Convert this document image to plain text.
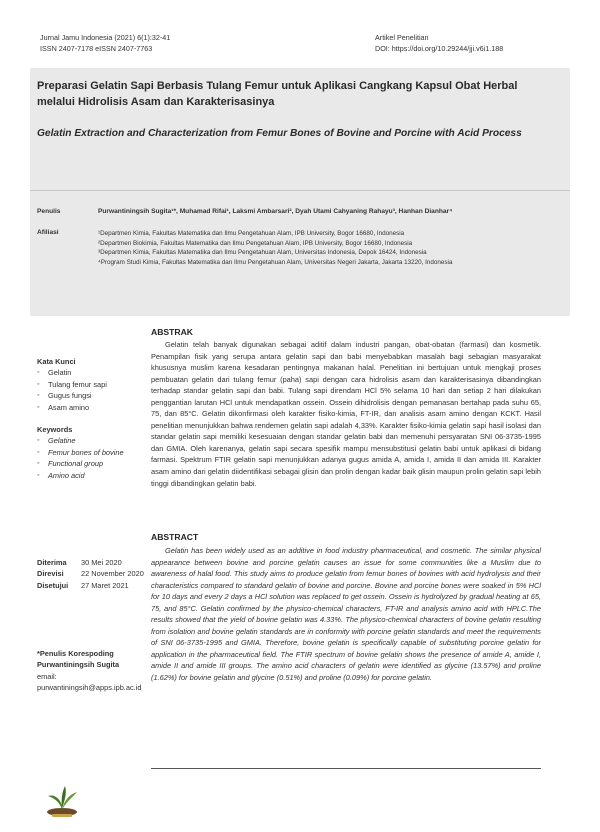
Jurnal Jamu Indonesia (2021) 6(1):32-41
ISSN 2407-7178 eISSN 2407-7763
Artikel Penelitian
DOI: https://doi.org/10.29244/jji.v6i1.188
Preparasi Gelatin Sapi Berbasis Tulang Femur untuk Aplikasi Cangkang Kapsul Obat Herbal melalui Hidrolisis Asam dan Karakterisasinya
Gelatin Extraction and Characterization from Femur Bones of Bovine and Porcine with Acid Process
Penulis	Purwantiningsih Sugita¹*, Muhamad Rifai¹, Laksmi Ambarsari², Dyah Utami Cahyaning Rahayu³, Hanhan Dianhar⁴
Afiliasi	¹Departmen Kimia, Fakultas Matematika dan Ilmu Pengetahuan Alam, IPB University, Bogor 16680, Indonesia
²Departmen Biokimia, Fakultas Matematika dan Ilmu Pengetahuan Alam, IPB University, Bogor 16680, Indonesia
³Departmen Kimia, Fakultas Matematika dan Ilmu Pengetahuan Alam, Universitas Indonesia, Depok 16424, Indonesia
⁴Program Studi Kimia, Fakultas Matematika dan Ilmu Pengetahuan Alam, Universitas Negeri Jakarta, Jakarta 13220, Indonesia
Kata Kunci
◦ Gelatin
◦ Tulang femur sapi
◦ Gugus fungsi
◦ Asam amino
Keywords
◦ Gelatine
◦ Femur bones of bovine
◦ Functional group
◦ Amino acid
Diterima	30 Mei 2020
Direvisi	22 November 2020
Disetujui	27 Maret 2021
*Penulis Korespoding
Purwantiningsih Sugita
email:
purwantiningsih@apps.ipb.ac.id
ABSTRAK

Gelatin telah banyak digunakan sebagai aditif dalam industri pangan, obat-obatan (farmasi) dan kosmetik. Penampilan fisik yang serupa antara gelatin sapi dan babi menyebabkan masalah bagi sebagian masyarakat khususnya muslim karena kesadaran pentingnya makanan halal. Penelitian ini bertujuan untuk mengkaji proses pembuatan gelatin dari tulang femur (paha) sapi dengan cara hidrolisis asam dan karakterisasinya dibandingkan terhadap standar gelatin sapi dan babi. Tulang sapi direndam HCl 5% selama 10 hari dan setiap 2 hari dilakukan penggantian larutan HCl untuk mendapatkan ossein. Ossein dihidrolisis dengan pemanasan bertahap pada suhu 65, 75, dan 85°C. Gelatin dikonfirmasi oleh karakter fisiko-kimia, FT-IR, dan analisis asam amino dengan KCKT. Hasil penelitian menunjukkan bahwa rendemen gelatin sapi adalah 4,33%. Karakter fisiko-kimia gelatin sapi hasil isolasi dan standar gelatin sapi memiliki kesesuaian dengan standar gelatin babi dan memenuhi persyaratan SNI 06-3735-1995 dan GMIA. Oleh karenanya, gelatin sapi secara spesifik mampu mensubstitusi gelatin babi untuk aplikasi di bidang farmasi. Spektrum FTIR gelatin sapi menunjukkan adanya gugus amida A, amida I, amida II dan amida III. Karakter asam amino dari gelatin diidentifikasi sebagai glisin dan prolin dengan kadar baik glisin maupun prolin gelatin sapi lebih tinggi dibandingkan gelatin babi.

ABSTRACT

Gelatin has been widely used as an additive in food industry pharmaceutical, and cosmetic. The similar physical appearance between bovine and porcine gelatin causes an issue for some communities like a Muslim due to awareness of halal food. This study aims to produce gelatin from femur bones of bovines with acid hydrolysis and their characteristics compared to standard gelatin of bovine and porcine. Bovine and porcine bones were soaked in 5% HCl for 10 days and every 2 days a HCl solution was replaced to get ossein. Ossein is hydrolyzed by gradual heating at 65, 75, and 85°C. Gelatin confirmed by the physico-chemical characters, FT-IR and analysis amino acid with HPLC.The results showed that the yield of bovine gelatin was 4.33%. The physico-chemical characters of bovine gelatin resulting from isolation and bovine gelatin standards are in conformity with porcine gelatin standards and meet the requirements of SNI 06-3735-1995 and GMIA. Therefore, bovine gelatin is specifically capable of substituting porcine gelatin for application in the pharmaceutical field. The FTIR spectrum of bovine gelatin shows the presence of amide A, amide I, amide II and amide III groups. The amino acid characters of gelatin were identified as glycine (13.57%) and proline (1.62%) for bovine gelatin and glycine (0.51%) and proline (0.09%) for porcine gelatin.
